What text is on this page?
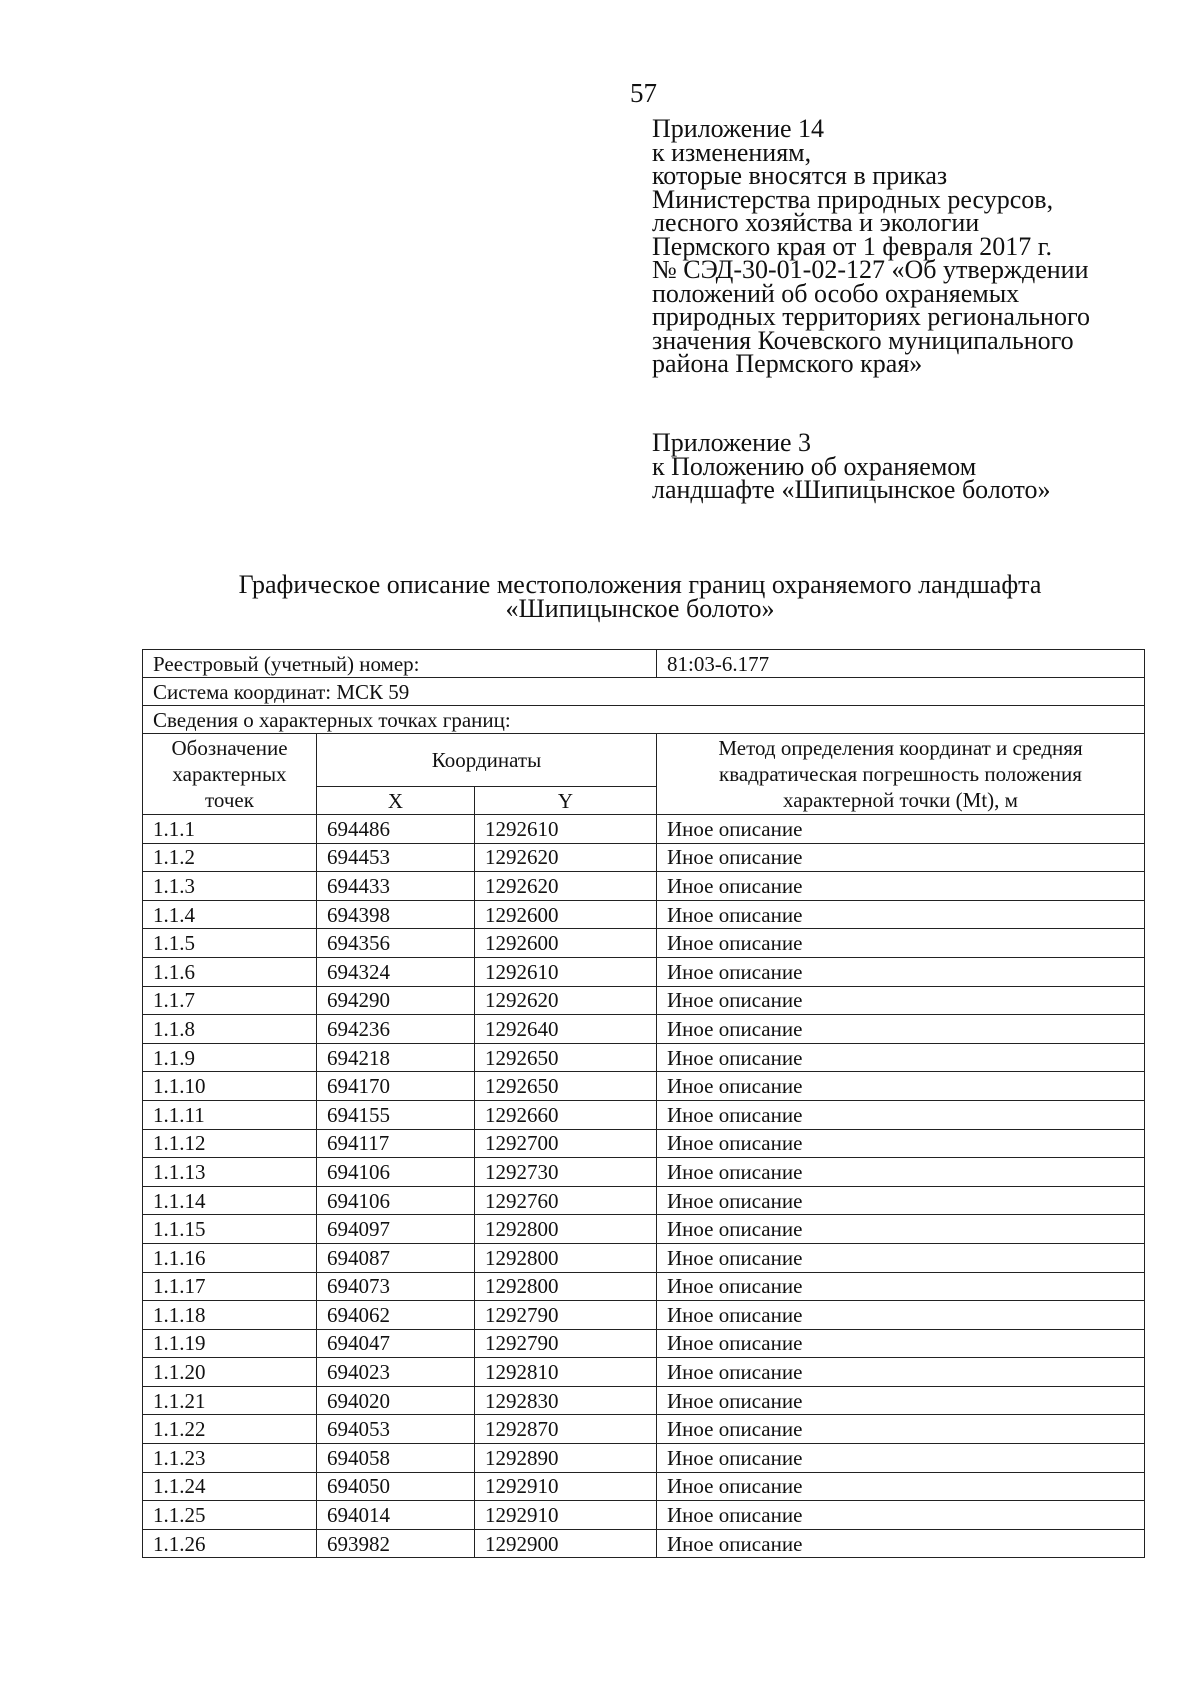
57
Приложение 14
к изменениям,
которые вносятся в приказ
Министерства природных ресурсов,
лесного хозяйства и экологии
Пермского края от 1 февраля 2017 г.
№ СЭД-30-01-02-127 «Об утверждении
положений об особо охраняемых
природных территориях регионального
значения Кочевского муниципального
района Пермского края»
Приложение 3
к Положению об охраняемом
ландшафте «Шипицынское болото»
Графическое описание местоположения границ охраняемого ландшафта
«Шипицынское болото»
Реестровый (учетный) номер:			81:03-6.177
Система координат: МСК 59			
Сведения о характерных точках границ:			

Обозначение
характерных
точек	Координаты		Метод определения координат и средняя
квадратическая погрешность положения
характерной точки (Mt), м

	X	Y	
1.1.1	694486	1292610	Иное описание
1.1.2	694453	1292620	Иное описание
1.1.3	694433	1292620	Иное описание
1.1.4	694398	1292600	Иное описание
1.1.5	694356	1292600	Иное описание
1.1.6	694324	1292610	Иное описание
1.1.7	694290	1292620	Иное описание
1.1.8	694236	1292640	Иное описание
1.1.9	694218	1292650	Иное описание
1.1.10	694170	1292650	Иное описание
1.1.11	694155	1292660	Иное описание
1.1.12	694117	1292700	Иное описание
1.1.13	694106	1292730	Иное описание
1.1.14	694106	1292760	Иное описание
1.1.15	694097	1292800	Иное описание
1.1.16	694087	1292800	Иное описание
1.1.17	694073	1292800	Иное описание
1.1.18	694062	1292790	Иное описание
1.1.19	694047	1292790	Иное описание
1.1.20	694023	1292810	Иное описание
1.1.21	694020	1292830	Иное описание
1.1.22	694053	1292870	Иное описание
1.1.23	694058	1292890	Иное описание
1.1.24	694050	1292910	Иное описание
1.1.25	694014	1292910	Иное описание
1.1.26	693982	1292900	Иное описание
